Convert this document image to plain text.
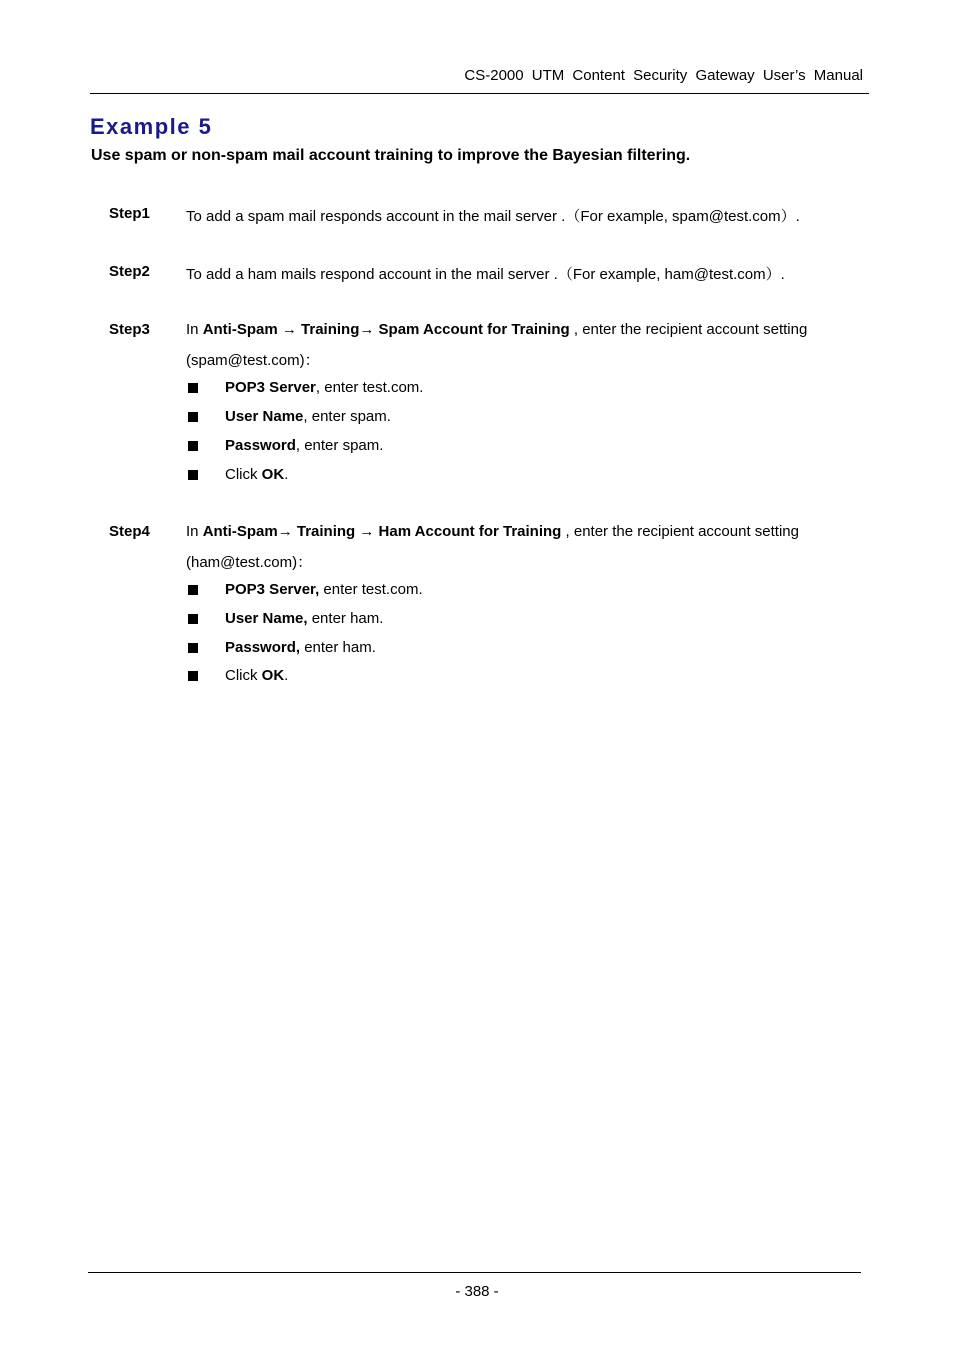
CS-2000 UTM Content Security Gateway User’s Manual
Example 5
Use spam or non-spam mail account training to improve the Bayesian filtering.
Step1 To add a spam mail responds account in the mail server .（For example, spam@test.com）.
Step2 To add a ham mails respond account in the mail server .（For example, ham@test.com）.
Step3 In Anti-Spam → Training→ Spam Account for Training , enter the recipient account setting
(spam@test.com)：
POP3 Server, enter test.com.
User Name, enter spam.
Password, enter spam.
Click OK.
Step4 In Anti-Spam→ Training → Ham Account for Training , enter the recipient account setting
(ham@test.com)：
POP3 Server, enter test.com.
User Name, enter ham.
Password, enter ham.
Click OK.
- 388 -
